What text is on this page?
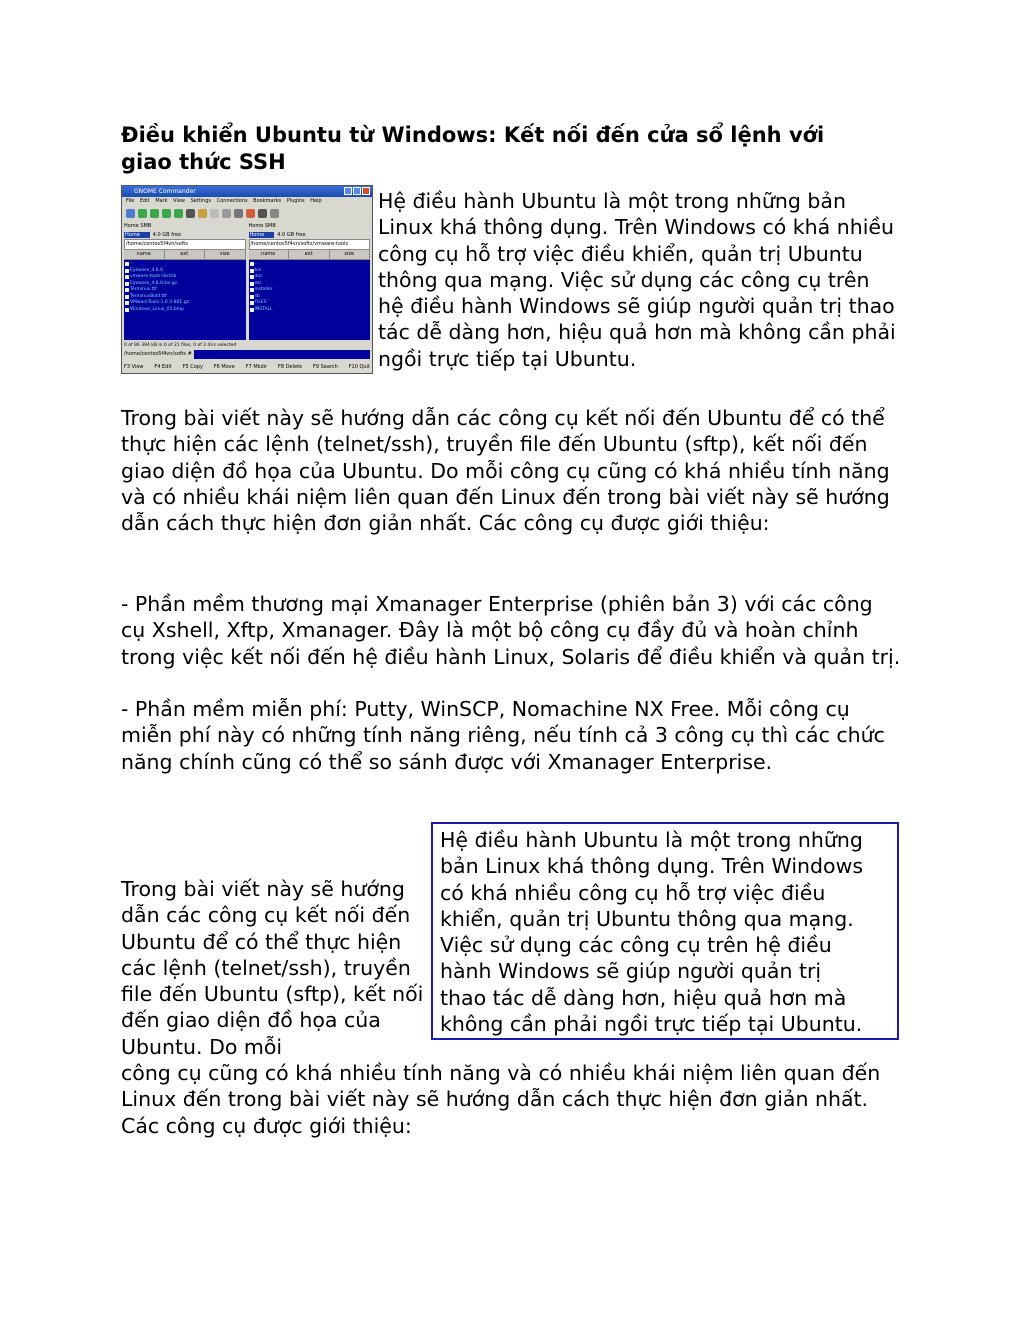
Điều khiển Ubuntu từ Windows: Kết nối đến cửa sổ lệnh với giao thức SSH
GNOME Commander
File Edit Mark View Settings Connections Bookmarks Plugins Help
Home SMB
Home	4.0 GB free
/home/centos5f4vn/softs
name	ext	size
..
Eyeware_4.6.6
vmware-tools-distrib
Eyeware_4.6.6.tar.gz
Terminus.ttf
TerminusBold.ttf
VMwareTools-1.0.5-801.gz
Windows_Linux_01.bmp
Home SMB
Home	4.0 GB free
/home/centos5f4vn/softs/vmware-tools
name	ext	size
..
bin
doc
etc
installer
lib
FILES
INSTALL
0 of 96 394 kB in 0 of 21 files, 0 of 2 dirs selected
/home/centos5f4vn/softs #
F3 View F4 Edit F5 Copy F6 Move F7 Mkdir F8 Delete F9 Search F10 Quit

Hệ điều hành Ubuntu là một trong những bản Linux khá thông dụng. Trên Windows có khá nhiều công cụ hỗ trợ việc điều khiển, quản trị Ubuntu thông qua mạng. Việc sử dụng các công cụ trên hệ điều hành Windows sẽ giúp người quản trị thao tác dễ dàng hơn, hiệu quả hơn mà không cần phải ngồi trực tiếp tại Ubuntu.

Trong bài viết này sẽ hướng dẫn các công cụ kết nối đến Ubuntu để có thể thực hiện các lệnh (telnet/ssh), truyền file đến Ubuntu (sftp), kết nối đến giao diện đồ họa của Ubuntu. Do mỗi công cụ cũng có khá nhiều tính năng và có nhiều khái niệm liên quan đến Linux đến trong bài viết này sẽ hướng dẫn cách thực hiện đơn giản nhất. Các công cụ được giới thiệu:

- Phần mềm thương mại Xmanager Enterprise (phiên bản 3) với các công cụ Xshell, Xftp, Xmanager. Đây là một bộ công cụ đầy đủ và hoàn chỉnh trong việc kết nối đến hệ điều hành Linux, Solaris để điều khiển và quản trị.

- Phần mềm miễn phí: Putty, WinSCP, Nomachine NX Free. Mỗi công cụ miễn phí này có những tính năng riêng, nếu tính cả 3 công cụ thì các chức năng chính cũng có thể so sánh được với Xmanager Enterprise.

Hệ điều hành Ubuntu là một trong những
bản Linux khá thông dụng. Trên Windows
có khá nhiều công cụ hỗ trợ việc điều
khiển, quản trị Ubuntu thông qua mạng.
Việc sử dụng các công cụ trên hệ điều
hành Windows sẽ giúp người quản trị
thao tác dễ dàng hơn, hiệu quả hơn mà
không cần phải ngồi trực tiếp tại Ubuntu.

Trong bài viết này sẽ hướng dẫn các công cụ kết nối đến Ubuntu để có thể thực hiện các lệnh (telnet/ssh), truyền file đến Ubuntu (sftp), kết nối đến giao diện đồ họa của Ubuntu. Do mỗi

công cụ cũng có khá nhiều tính năng và có nhiều khái niệm liên quan đến Linux đến trong bài viết này sẽ hướng dẫn cách thực hiện đơn giản nhất. Các công cụ được giới thiệu:
